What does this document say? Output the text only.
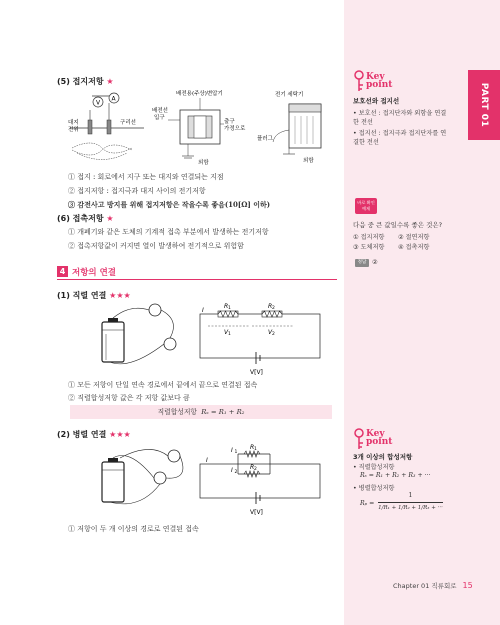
PART 01
(5) 접지저항 ★
V
A
대지
전위
구리선
배전용(주상)변압기
배전선
입구
출구
가정으로
외함
전기 세탁기
플러그
외함
① 접지 : 회로에서 지구 또는 대지와 연결되는 지점
② 접지저항 : 접지극과 대지 사이의 전기저항
③ 감전사고 방지를 위해 접지저항은 작을수록 좋음(10[Ω] 이하)
(6) 접촉저항 ★
① 개폐기와 같은 도체의 기계적 접촉 부분에서 발생하는 전기저항
② 접촉저항값이 커지면 열이 발생하여 전기적으로 위험함
4 저항의 연결
(1) 직렬 연결 ★★★
I
R 1	R 2
V 1	V 2
V[V]
① 모든 저항이 단일 연속 경로에서 끝에서 끝으로 연결된 접속
② 직렬합성저항 값은 각 저항 값보다 큼
직렬합성저항 Rₛ = R₁ + R₂
(2) 병렬 연결 ★★★
I
I 1
I 2
R 1
R 2
V[V]
① 저항이 두 개 이상의 경로로 연결된 접속
Key
point
보호선와 접지선
• 보호선 : 접지단자와 외함을 연결
한 전선
• 접지선 : 접지극과 접지단자를 연
결한 전선
바로 확인
예제
다음 중 큰 값일수록 좋은 것은?
① 접지저항 ② 절연저항
③ 도체저항 ④ 접촉저항
정답 ②
Key
point
3개 이상의 합성저항
• 직렬합성저항
Rₛ = R₁ + R₂ + R₃ + ···
• 병렬합성저항
Rₚ =
1
1/R₁ + 1/R₂ + 1/R₃ + ···
Chapter 01 직류회로 15
